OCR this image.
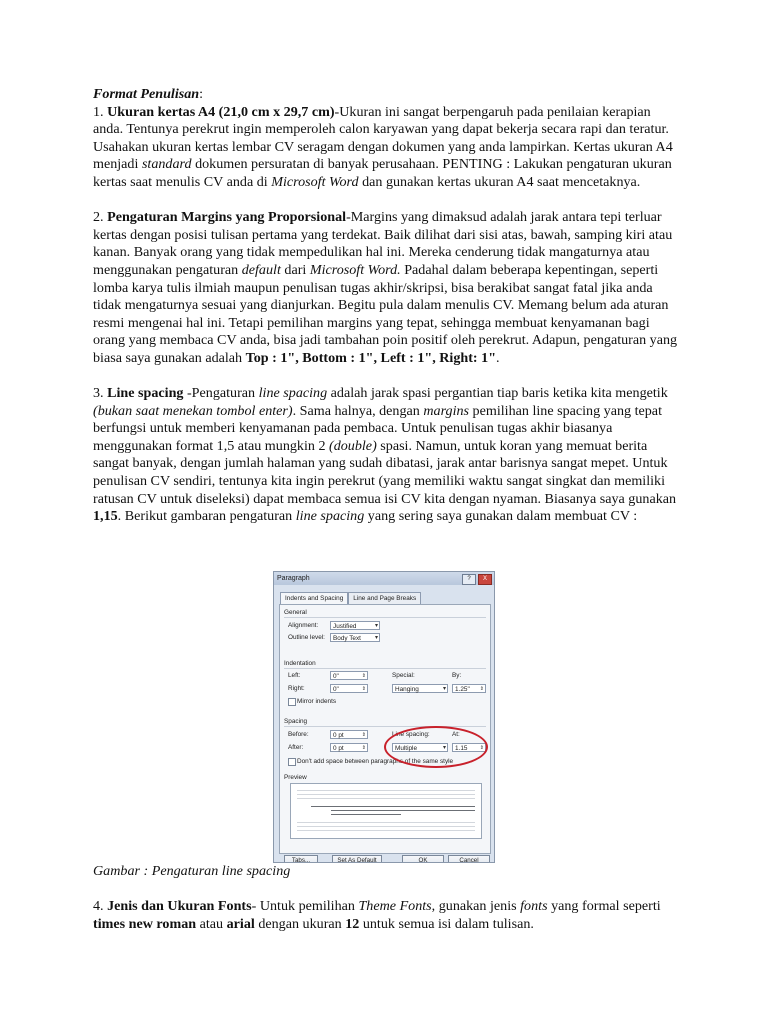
Format Penulisan:

1. Ukuran kertas A4 (21,0 cm x 29,7 cm)-Ukuran ini sangat berpengaruh pada penilaian kerapian anda. Tentunya perekrut ingin memperoleh calon karyawan yang dapat bekerja secara rapi dan teratur. Usahakan ukuran kertas lembar CV seragam dengan dokumen yang anda lampirkan. Kertas ukuran A4 menjadi standard dokumen persuratan di banyak perusahaan. PENTING : Lakukan pengaturan ukuran kertas saat menulis CV anda di Microsoft Word dan gunakan kertas ukuran A4 saat mencetaknya.

2. Pengaturan Margins yang Proporsional-Margins yang dimaksud adalah jarak antara tepi terluar kertas dengan posisi tulisan pertama yang terdekat. Baik dilihat dari sisi atas, bawah, samping kiri atau kanan. Banyak orang yang tidak mempedulikan hal ini. Mereka cenderung tidak mangaturnya atau menggunakan pengaturan default dari Microsoft Word. Padahal dalam beberapa kepentingan, seperti lomba karya tulis ilmiah maupun penulisan tugas akhir/skripsi, bisa berakibat sangat fatal jika anda tidak mengaturnya sesuai yang dianjurkan. Begitu pula dalam menulis CV. Memang belum ada aturan resmi mengenai hal ini. Tetapi pemilihan margins yang tepat, sehingga membuat kenyamanan bagi orang yang membaca CV anda, bisa jadi tambahan poin positif oleh perekrut. Adapun, pengaturan yang biasa saya gunakan adalah Top : 1", Bottom : 1", Left : 1", Right: 1".

3. Line spacing -Pengaturan line spacing adalah jarak spasi pergantian tiap baris ketika kita mengetik (bukan saat menekan tombol enter). Sama halnya, dengan margins pemilihan line spacing yang tepat berfungsi untuk memberi kenyamanan pada pembaca. Untuk penulisan tugas akhir biasanya menggunakan format 1,5 atau mungkin 2 (double) spasi. Namun, untuk koran yang memuat berita sangat banyak, dengan jumlah halaman yang sudah dibatasi, jarak antar barisnya sangat mepet. Untuk penulisan CV sendiri, tentunya kita ingin perekrut (yang memiliki waktu sangat singkat dan memiliki ratusan CV untuk diseleksi) dapat membaca semua isi CV kita dengan nyaman. Biasanya saya gunakan 1,15. Berikut gambaran pengaturan line spacing yang sering saya gunakan dalam membuat CV :

Paragraph	?	X
Indents and Spacing	Line and Page Breaks
General
Alignment:	Justified ▾
Outline level:	Body Text ▾
Indentation
Left:	0" ⇕
Right:	0" ⇕
Special:
Hanging ▾
By:
1.25" ⇕
Mirror indents
Spacing
Before:	0 pt ⇕
After:	0 pt ⇕
Line spacing:
Multiple ▾
At:
1.15 ⇕
Don't add space between paragraphs of the same style
Preview
Tabs...	Set As Default	OK	Cancel
Gambar : Pengaturan line spacing
4. Jenis dan Ukuran Fonts- Untuk pemilihan Theme Fonts, gunakan jenis fonts yang formal seperti times new roman atau arial dengan ukuran 12 untuk semua isi dalam tulisan.
